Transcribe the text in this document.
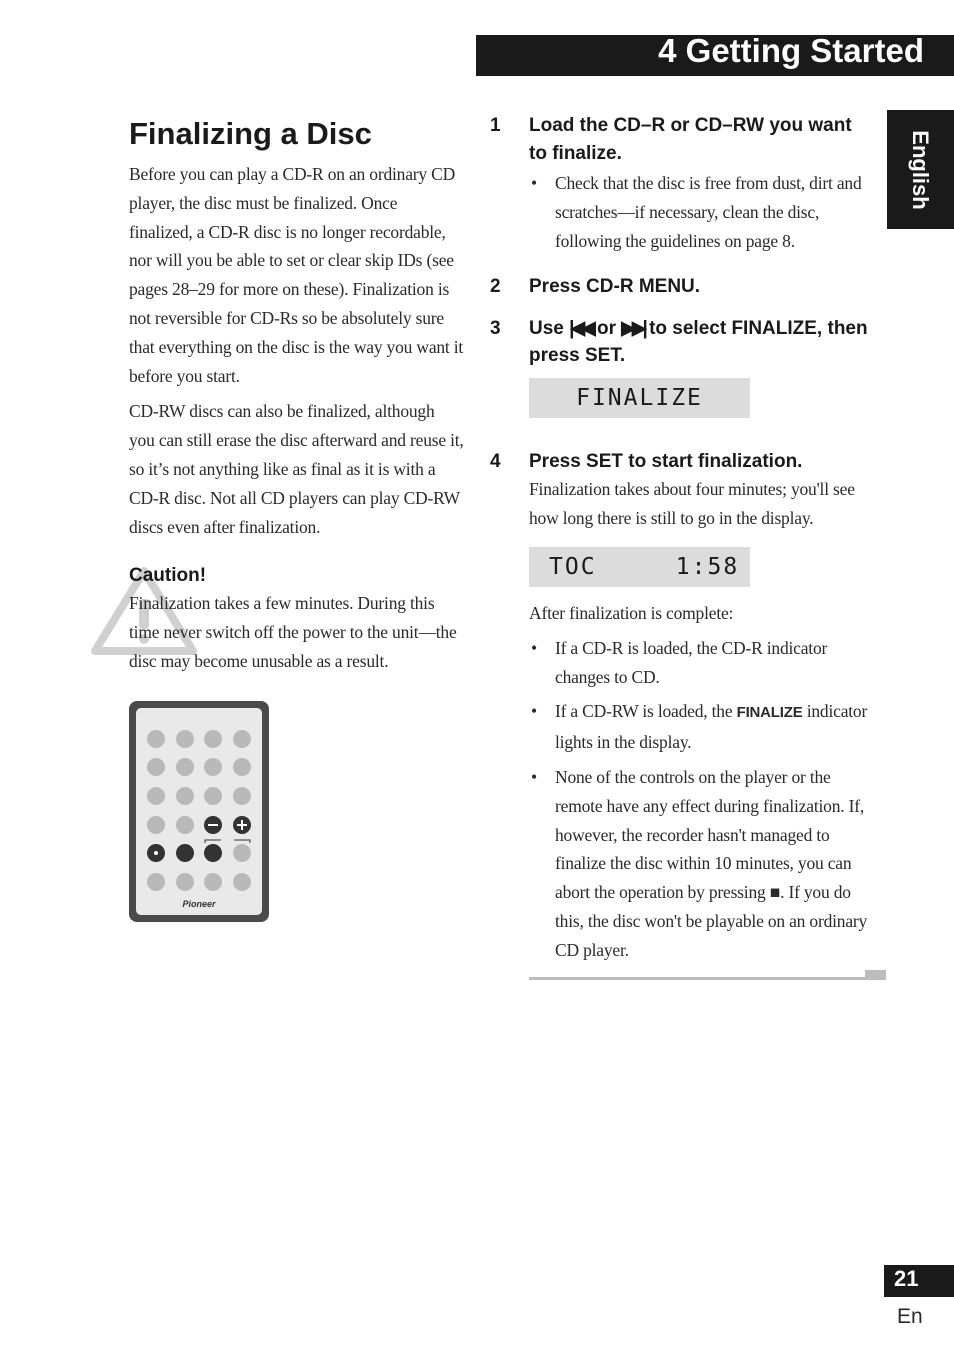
4 Getting Started
English
Finalizing a Disc

Before you can play a CD-R on an ordinary CD player, the disc must be finalized. Once finalized, a CD-R disc is no longer recordable, nor will you be able to set or clear skip IDs (see pages 28–29 for more on these). Finalization is not reversible for CD-Rs so be absolutely sure that everything on the disc is the way you want it before you start.

CD-RW discs can also be finalized, although you can still erase the disc afterward and reuse it, so it’s not anything like as final as it is with a CD-R disc. Not all CD players can play CD-RW discs even after finalization.

Caution!

Finalization takes a few minutes. During this time never switch off the power to the unit—the disc may become unusable as a result.

Pioneer
1 Load the CD–R or CD–RW you want to finalize.
• Check that the disc is free from dust, dirt and scratches—if necessary, clean the disc, following the guidelines on page 8.
2 Press CD-R MENU.
3 Use |◀◀ or ▶▶| to select FINALIZE, then press SET.
FINALIZE
4 Press SET to start finalization.

Finalization takes about four minutes; you'll see how long there is still to go in the display.

TOC     1:58

After finalization is complete:

• If a CD-R is loaded, the CD-R indicator changes to CD.
• If a CD-RW is loaded, the FINALIZE indicator lights in the display.
• None of the controls on the player or the remote have any effect during finalization. If, however, the recorder hasn't managed to finalize the disc within 10 minutes, you can abort the operation by pressing ■. If you do this, the disc won't be playable on an ordinary CD player.
21
En
